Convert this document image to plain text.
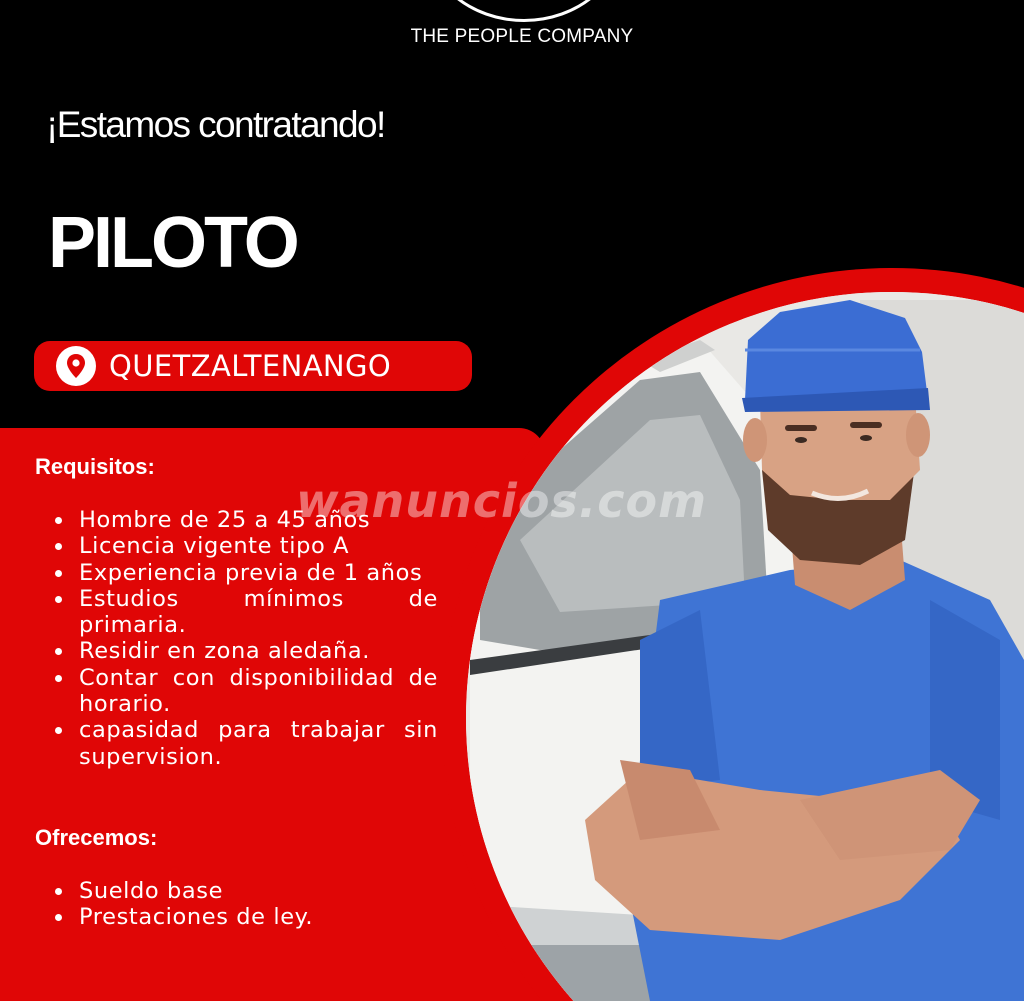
THE PEOPLE COMPANY
¡Estamos contratando!
PILOTO
QUETZALTENANGO
Requisitos:
Hombre de 25 a 45 años
Licencia vigente tipo A
Experiencia previa de 1 años
Estudios mínimos de primaria.
Residir en zona aledaña.
Contar con disponibilidad de horario.
capasidad para trabajar sin supervision.
Ofrecemos:
Sueldo base
Prestaciones de ley.
wanuncios.com
